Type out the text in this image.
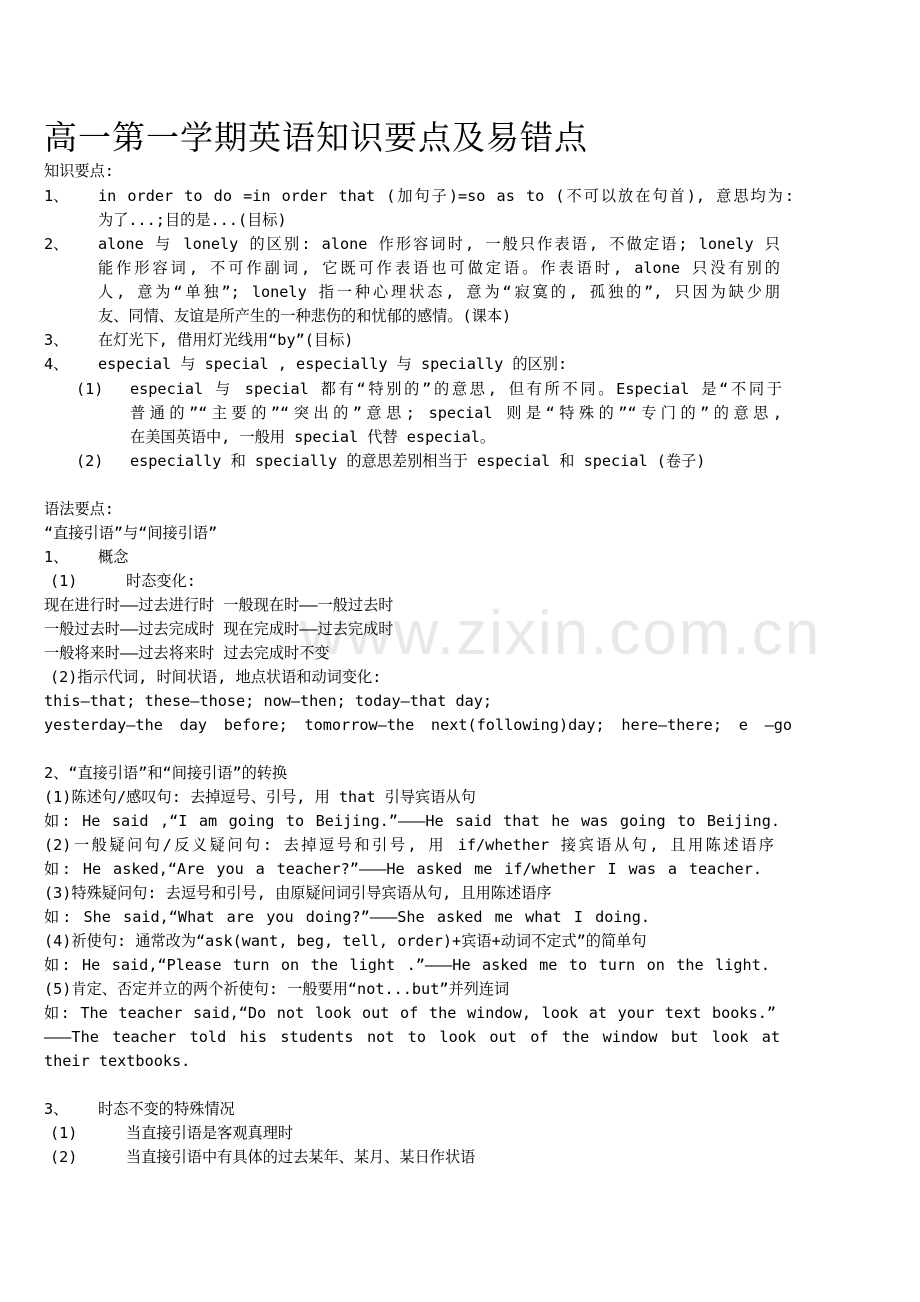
www.zixin.com.cn
高一第一学期英语知识要点及易错点
知识要点:
1、 in order to do =in order that (加句子)=so as to (不可以放在句首), 意思均为:
为了...;目的是...(目标)
2、 alone 与 lonely 的区别: alone 作形容词时, 一般只作表语, 不做定语; lonely 只
能作形容词, 不可作副词, 它既可作表语也可做定语。作表语时, alone 只没有别的
人, 意为“单独”; lonely 指一种心理状态, 意为“寂寞的, 孤独的”, 只因为缺少朋
友、同情、友谊是所产生的一种悲伤的和忧郁的感情。(课本)
3、 在灯光下, 借用灯光线用“by”(目标)
4、 especial 与 special , especially 与 specially 的区别:
(1) especial 与 special 都有“特别的”的意思, 但有所不同。Especial 是“不同于
普通的”“主要的”“突出的”意思; special 则是“特殊的”“专门的”的意思,
在美国英语中, 一般用 special 代替 especial。
(2) especially 和 specially 的意思差别相当于 especial 和 special (卷子)
语法要点:
“直接引语”与“间接引语”
1、 概念
(1)	时态变化:
现在进行时——过去进行时 一般现在时——一般过去时
一般过去时——过去完成时 现在完成时——过去完成时
一般将来时——过去将来时 过去完成时不变
(2)指示代词, 时间状语, 地点状语和动词变化:
this—that; these—those; now—then; today—that day;
yesterday—the day before; tomorrow—the next(following)day; here—there; e —go
2、“直接引语”和“间接引语”的转换
(1)陈述句/感叹句: 去掉逗号、引号, 用 that 引导宾语从句
如: He said ,“I am going to Beijing.”———He said that he was going to Beijing.
(2)一般疑问句/反义疑问句: 去掉逗号和引号, 用 if/whether 接宾语从句, 且用陈述语序
如: He asked,“Are you a teacher?”———He asked me if/whether I was a teacher.
(3)特殊疑问句: 去逗号和引号, 由原疑问词引导宾语从句, 且用陈述语序
如: She said,“What are you doing?”———She asked me what I doing.
(4)祈使句: 通常改为“ask(want, beg, tell, order)+宾语+动词不定式”的简单句
如: He said,“Please turn on the light .”———He asked me to turn on the light.
(5)肯定、否定并立的两个祈使句: 一般要用“not...but”并列连词
如: The teacher said,“Do not look out of the window, look at your text books.”
———The teacher told his students not to look out of the window but look at
their textbooks.
3、 时态不变的特殊情况
(1)	当直接引语是客观真理时
(2)	当直接引语中有具体的过去某年、某月、某日作状语
